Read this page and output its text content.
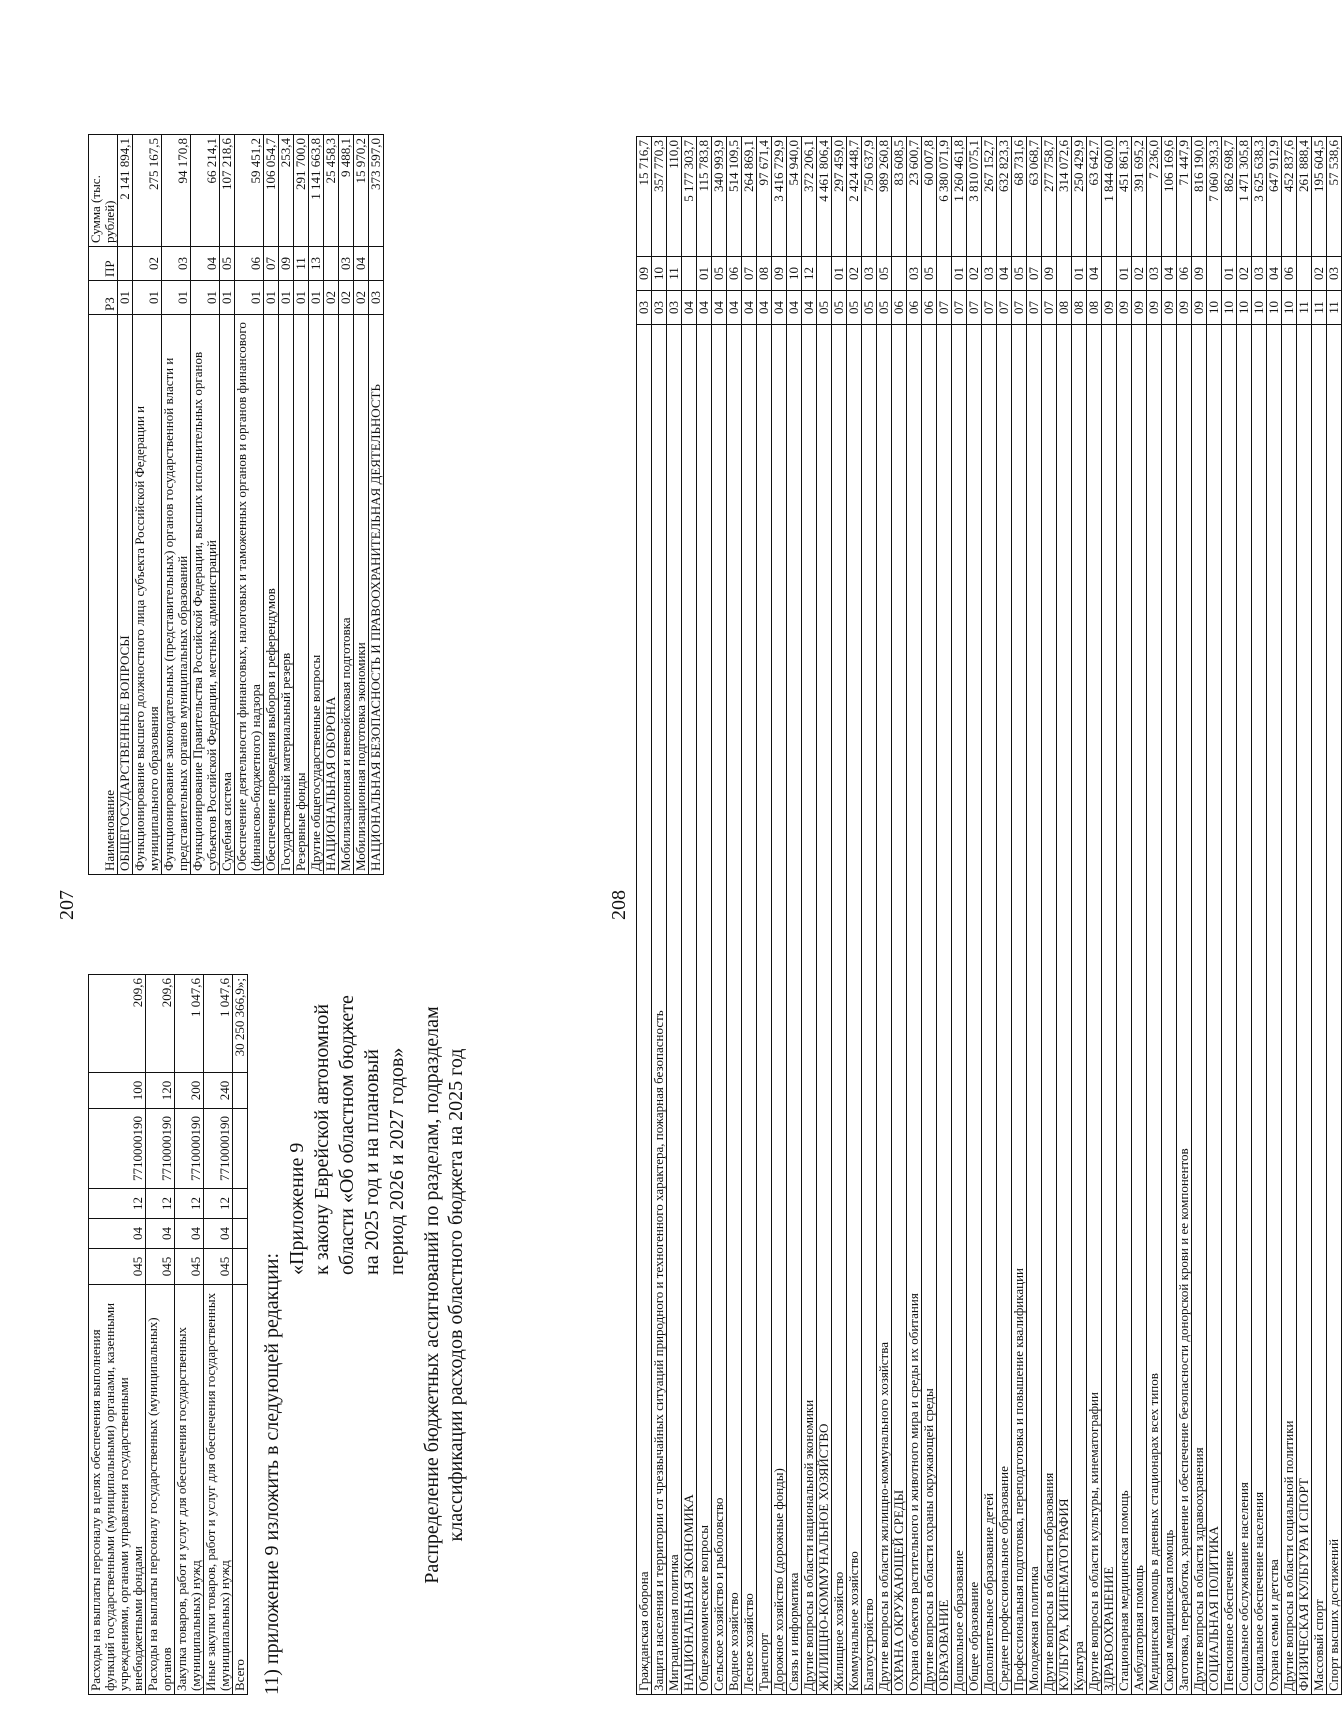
207
Расходы на выплаты персоналу в целях обеспечения выполнения функций государственными (муниципальными) органами, казенными учреждениями, органами управления государственными внебюджетными фондами	045	04	12	7710000190	100	209,6
Расходы на выплаты персоналу государственных (муниципальных) органов	045	04	12	7710000190	120	209,6
Закупка товаров, работ и услуг для обеспечения государственных (муниципальных) нужд	045	04	12	7710000190	200	1 047,6
Иные закупки товаров, работ и услуг для обеспечения государственных (муниципальных) нужд	045	04	12	7710000190	240	1 047,6
Всего						30 250 366,9»;
11) приложение 9 изложить в следующей редакции:

«Приложение 9 к закону Еврейской автономной области «Об областном бюджете на 2025 год и на плановый период 2026 и 2027 годов» Распределение бюджетных ассигнований по разделам, подразделам классификации расходов областного бюджета на 2025 год
Наименование	РЗ	ПР	Сумма (тыс. рублей)
ОБЩЕГОСУДАРСТВЕННЫЕ ВОПРОСЫ	01		2 141 894,1
Функционирование высшего должностного лица субъекта Российской Федерации и муниципального образования	01	02	275 167,5
Функционирование законодательных (представительных) органов государственной власти и представительных органов муниципальных образований	01	03	94 170,8
Функционирование Правительства Российской Федерации, высших исполнительных органов субъектов Российской Федерации, местных администраций	01	04	66 214,1
Судебная система	01	05	107 218,6
Обеспечение деятельности финансовых, налоговых и таможенных органов и органов финансового (финансово-бюджетного) надзора	01	06	59 451,2
Обеспечение проведения выборов и референдумов	01	07	106 054,7
Государственный материальный резерв	01	09	253,4
Резервные фонды	01	11	291 700,0
Другие общегосударственные вопросы	01	13	1 141 663,8
НАЦИОНАЛЬНАЯ ОБОРОНА	02		25 458,3
Мобилизационная и вневойсковая подготовка	02	03	9 488,1
Мобилизационная подготовка экономики	02	04	15 970,2
НАЦИОНАЛЬНАЯ БЕЗОПАСНОСТЬ И ПРАВООХРАНИТЕЛЬНАЯ ДЕЯТЕЛЬНОСТЬ	03		373 597,0
208
Гражданская оборона	03	09	15 716,7
Защита населения и территории от чрезвычайных ситуаций природного и техногенного характера, пожарная безопасность	03	10	357 770,3
Миграционная политика	03	11	110,0
НАЦИОНАЛЬНАЯ ЭКОНОМИКА	04		5 177 303,7
Общеэкономические вопросы	04	01	115 783,8
Сельское хозяйство и рыболовство	04	05	340 993,9
Водное хозяйство	04	06	514 109,5
Лесное хозяйство	04	07	264 869,1
Транспорт	04	08	97 671,4
Дорожное хозяйство (дорожные фонды)	04	09	3 416 729,9
Связь и информатика	04	10	54 940,0
Другие вопросы в области национальной экономики	04	12	372 206,1
ЖИЛИЩНО-КОММУНАЛЬНОЕ ХОЗЯЙСТВО	05		4 461 806,4
Жилищное хозяйство	05	01	297 459,0
Коммунальное хозяйство	05	02	2 424 448,7
Благоустройство	05	03	750 637,9
Другие вопросы в области жилищно-коммунального хозяйства	05	05	989 260,8
ОХРАНА ОКРУЖАЮЩЕЙ СРЕДЫ	06		83 608,5
Охрана объектов растительного и животного мира и среды их обитания	06	03	23 600,7
Другие вопросы в области охраны окружающей среды	06	05	60 007,8
ОБРАЗОВАНИЕ	07		6 380 071,9
Дошкольное образование	07	01	1 260 461,8
Общее образование	07	02	3 810 075,1
Дополнительное образование детей	07	03	267 152,7
Среднее профессиональное образование	07	04	632 823,3
Профессиональная подготовка, переподготовка и повышение квалификации	07	05	68 731,6
Молодежная политика	07	07	63 068,7
Другие вопросы в области образования	07	09	277 758,7
КУЛЬТУРА, КИНЕМАТОГРАФИЯ	08		314 072,6
Культура	08	01	250 429,9
Другие вопросы в области культуры, кинематографии	08	04	63 642,7
ЗДРАВООХРАНЕНИЕ	09		1 844 600,0
Стационарная медицинская помощь	09	01	451 861,3
Амбулаторная помощь	09	02	391 695,2
Медицинская помощь в дневных стационарах всех типов	09	03	7 236,0
Скорая медицинская помощь	09	04	106 169,6
Заготовка, переработка, хранение и обеспечение безопасности донорской крови и ее компонентов	09	06	71 447,9
Другие вопросы в области здравоохранения	09	09	816 190,0
СОЦИАЛЬНАЯ ПОЛИТИКА	10		7 060 393,3
Пенсионное обеспечение	10	01	862 698,7
Социальное обслуживание населения	10	02	1 471 305,8
Социальное обеспечение населения	10	03	3 625 638,3
Охрана семьи и детства	10	04	647 912,9
Другие вопросы в области социальной политики	10	06	452 837,6
ФИЗИЧЕСКАЯ КУЛЬТУРА И СПОРТ	11		261 888,4
Массовый спорт	11	02	195 604,5
Спорт высших достижений	11	03	57 538,6
